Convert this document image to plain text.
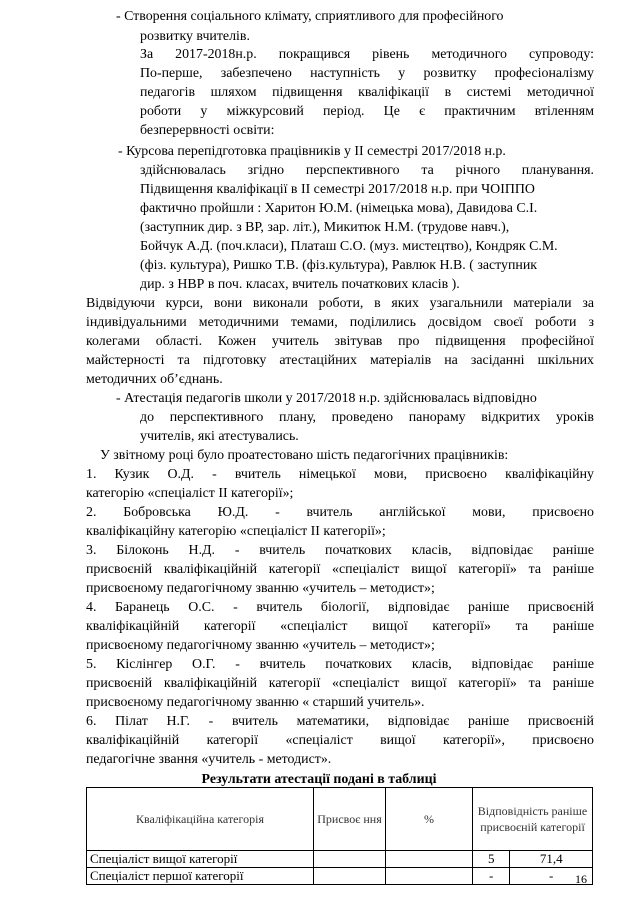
- Створення соціального клімату, сприятливого для професійного
розвитку вчителів.
За 2017-2018н.р. покращився рівень методичного супроводу:
По-перше, забезпечено наступність у розвитку професіоналізму
педагогів шляхом підвищення кваліфікації в системі методичної
роботи у міжкурсовий період. Це є практичним втіленням
безперервності освіти:
- Курсова перепідготовка працівників у II семестрі 2017/2018 н.р.
здійснювалась згідно перспективного та річного планування.
Підвищення кваліфікації в ІІ семестрі 2017/2018 н.р. при ЧОІППО
фактично пройшли : Харитон Ю.М. (німецька мова), Давидова С.І.
(заступник дир. з ВР, зар. літ.), Микитюк Н.М. (трудове навч.),
Бойчук А.Д. (поч.класи), Платаш С.О. (муз. мистецтво), Кондряк С.М.
(фіз. культура), Ришко Т.В. (фіз.культура), Равлюк Н.В. ( заступник
дир. з НВР в поч. класах, вчитель початкових класів ).
Відвідуючи курси, вони виконали роботи, в яких узагальнили матеріали за
індивідуальними методичними темами, поділились досвідом своєї роботи з
колегами області. Кожен учитель звітував про підвищення професійної
майстерності та підготовку атестаційних матеріалів на засіданні шкільних
методичних об’єднань.
- Атестація педагогів школи у 2017/2018 н.р. здійснювалась відповідно
до перспективного плану, проведено панораму відкритих уроків
учителів, які атестувались.
У звітному році було проатестовано шість педагогічних працівників:
1. Кузик О.Д. - вчитель німецької мови, присвоєно кваліфікаційну
категорію «спеціаліст ІІ категорії»;
2. Бобровська Ю.Д. - вчитель англійської мови, присвоєно
кваліфікаційну категорію «спеціаліст ІІ категорії»;
3. Білоконь Н.Д. - вчитель початкових класів, відповідає раніше
присвоєній кваліфікаційній категорії «спеціаліст вищої категорії» та раніше
присвоєному педагогічному званню «учитель – методист»;
4. Баранець О.С. - вчитель біології, відповідає раніше присвоєній
кваліфікаційній категорії «спеціаліст вищої категорії» та раніше
присвоєному педагогічному званню «учитель – методист»;
5. Кіслінгер О.Г. - вчитель початкових класів, відповідає раніше
присвоєній кваліфікаційній категорії «спеціаліст вищої категорії» та раніше
присвоєному педагогічному званню « старший учитель».
6. Пілат Н.Г. - вчитель математики, відповідає раніше присвоєній
кваліфікаційній категорії «спеціаліст вищої категорії», присвоєно
педагогічне звання «учитель - методист».
Результати атестації подані в таблиці
Кваліфікаційна категорія	Присвоє ння	%	Відповідність раніше присвоєній категорії	
Спеціаліст вищої категорії			5	71,4
Спеціаліст першої категорії			-	- 16
